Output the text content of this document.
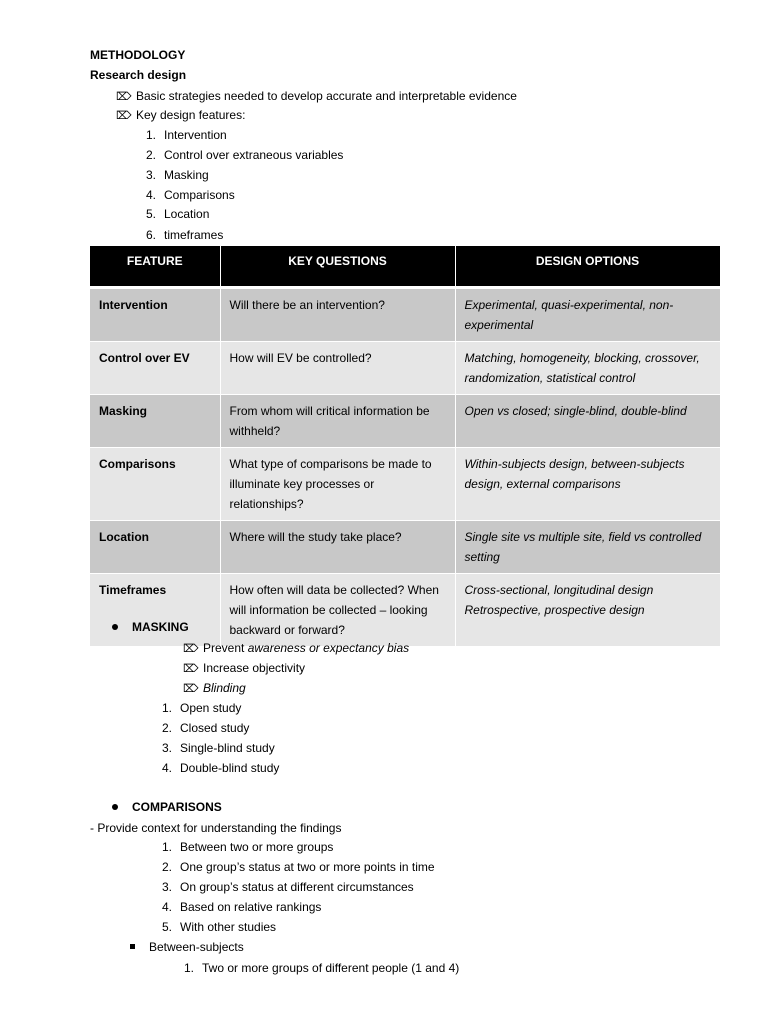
METHODOLOGY
Research design
⌦ Basic strategies needed to develop accurate and interpretable evidence
⌦ Key design features:
1. Intervention
2. Control over extraneous variables
3. Masking
4. Comparisons
5. Location
6. timeframes
FEATURE	KEY QUESTIONS	DESIGN OPTIONS

Intervention	Will there be an intervention?	Experimental, quasi-experimental, non-experimental
Control over EV	How will EV be controlled?	Matching, homogeneity, blocking, crossover, randomization, statistical control
Masking	From whom will critical information be withheld?	Open vs closed; single-blind, double-blind
Comparisons	What type of comparisons be made to illuminate key processes or relationships?	Within-subjects design, between-subjects design, external comparisons
Location	Where will the study take place?	Single site vs multiple site, field vs controlled setting
Timeframes	How often will data be collected? When will information be collected – looking backward or forward?	Cross-sectional, longitudinal design Retrospective, prospective design
MASKING
⌦ Prevent awareness or expectancy bias
⌦ Increase objectivity
⌦ Blinding
1. Open study
2. Closed study
3. Single-blind study
4. Double-blind study
COMPARISONS
- Provide context for understanding the findings
1. Between two or more groups
2. One group’s status at two or more points in time
3. On group’s status at different circumstances
4. Based on relative rankings
5. With other studies
Between-subjects
1. Two or more groups of different people (1 and 4)
